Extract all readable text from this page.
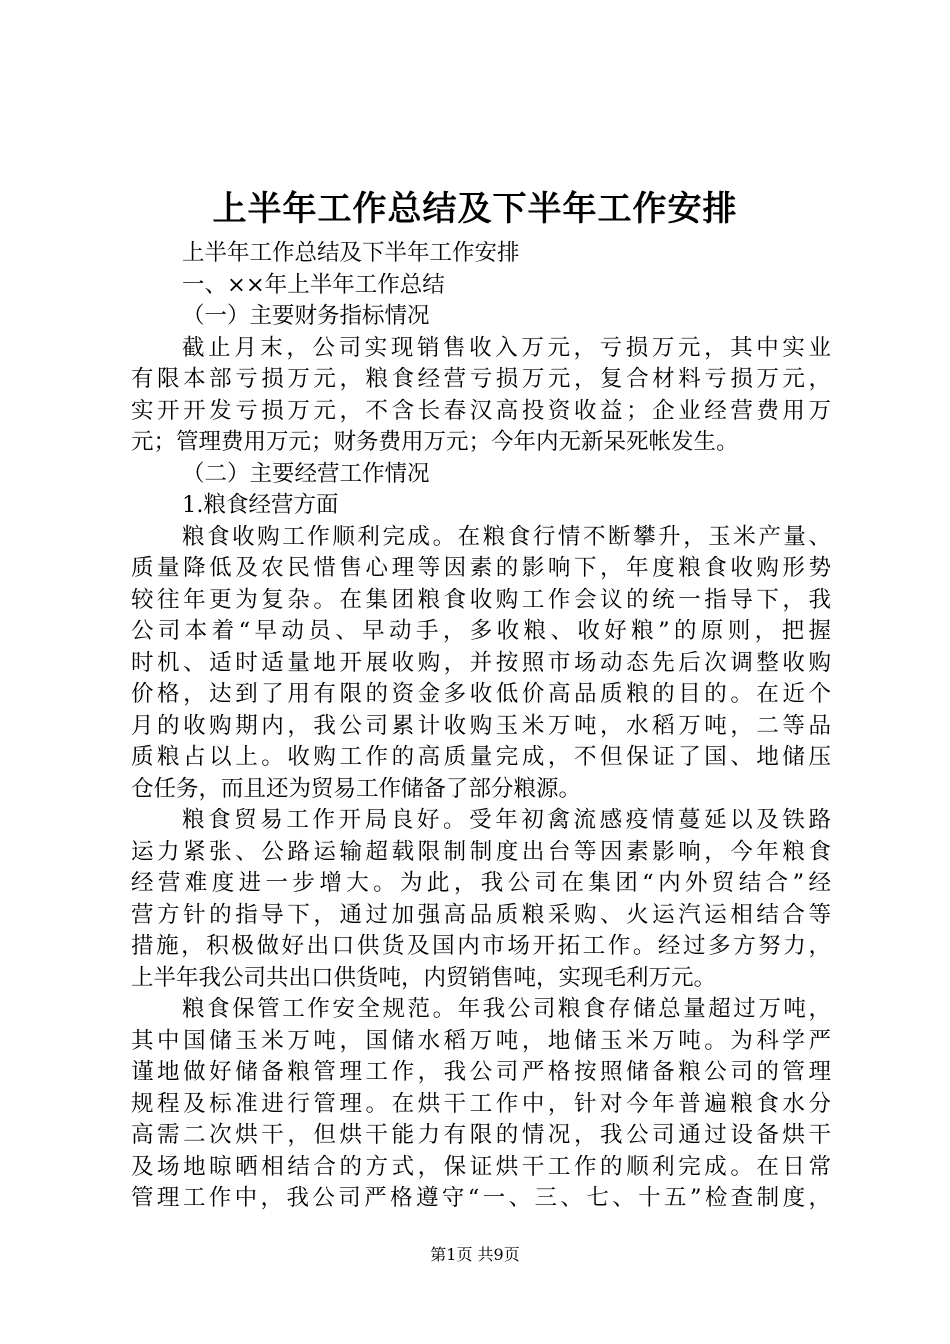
上半年工作总结及下半年工作安排

上半年工作总结及下半年工作安排

一、××年上半年工作总结

（一）主要财务指标情况

截止月末，公司实现销售收入万元，亏损万元，其中实业

有限本部亏损万元，粮食经营亏损万元，复合材料亏损万元，

实开开发亏损万元，不含长春汉高投资收益；企业经营费用万

元；管理费用万元；财务费用万元；今年内无新呆死帐发生。

（二）主要经营工作情况

1.粮食经营方面

粮食收购工作顺利完成。在粮食行情不断攀升，玉米产量、

质量降低及农民惜售心理等因素的影响下，年度粮食收购形势

较往年更为复杂。在集团粮食收购工作会议的统一指导下，我

公司本着“早动员、早动手，多收粮、收好粮”的原则，把握

时机、适时适量地开展收购，并按照市场动态先后次调整收购

价格，达到了用有限的资金多收低价高品质粮的目的。在近个

月的收购期内，我公司累计收购玉米万吨，水稻万吨，二等品

质粮占以上。收购工作的高质量完成，不但保证了国、地储压

仓任务，而且还为贸易工作储备了部分粮源。

粮食贸易工作开局良好。受年初禽流感疫情蔓延以及铁路

运力紧张、公路运输超载限制制度出台等因素影响，今年粮食

经营难度进一步增大。为此，我公司在集团“内外贸结合”经

营方针的指导下，通过加强高品质粮采购、火运汽运相结合等

措施，积极做好出口供货及国内市场开拓工作。经过多方努力，

上半年我公司共出口供货吨，内贸销售吨，实现毛利万元。

粮食保管工作安全规范。年我公司粮食存储总量超过万吨，

其中国储玉米万吨，国储水稻万吨，地储玉米万吨。为科学严

谨地做好储备粮管理工作，我公司严格按照储备粮公司的管理

规程及标准进行管理。在烘干工作中，针对今年普遍粮食水分

高需二次烘干，但烘干能力有限的情况，我公司通过设备烘干

及场地晾晒相结合的方式，保证烘干工作的顺利完成。在日常

管理工作中，我公司严格遵守“一、三、七、十五”检查制度，

第1页 共9页
